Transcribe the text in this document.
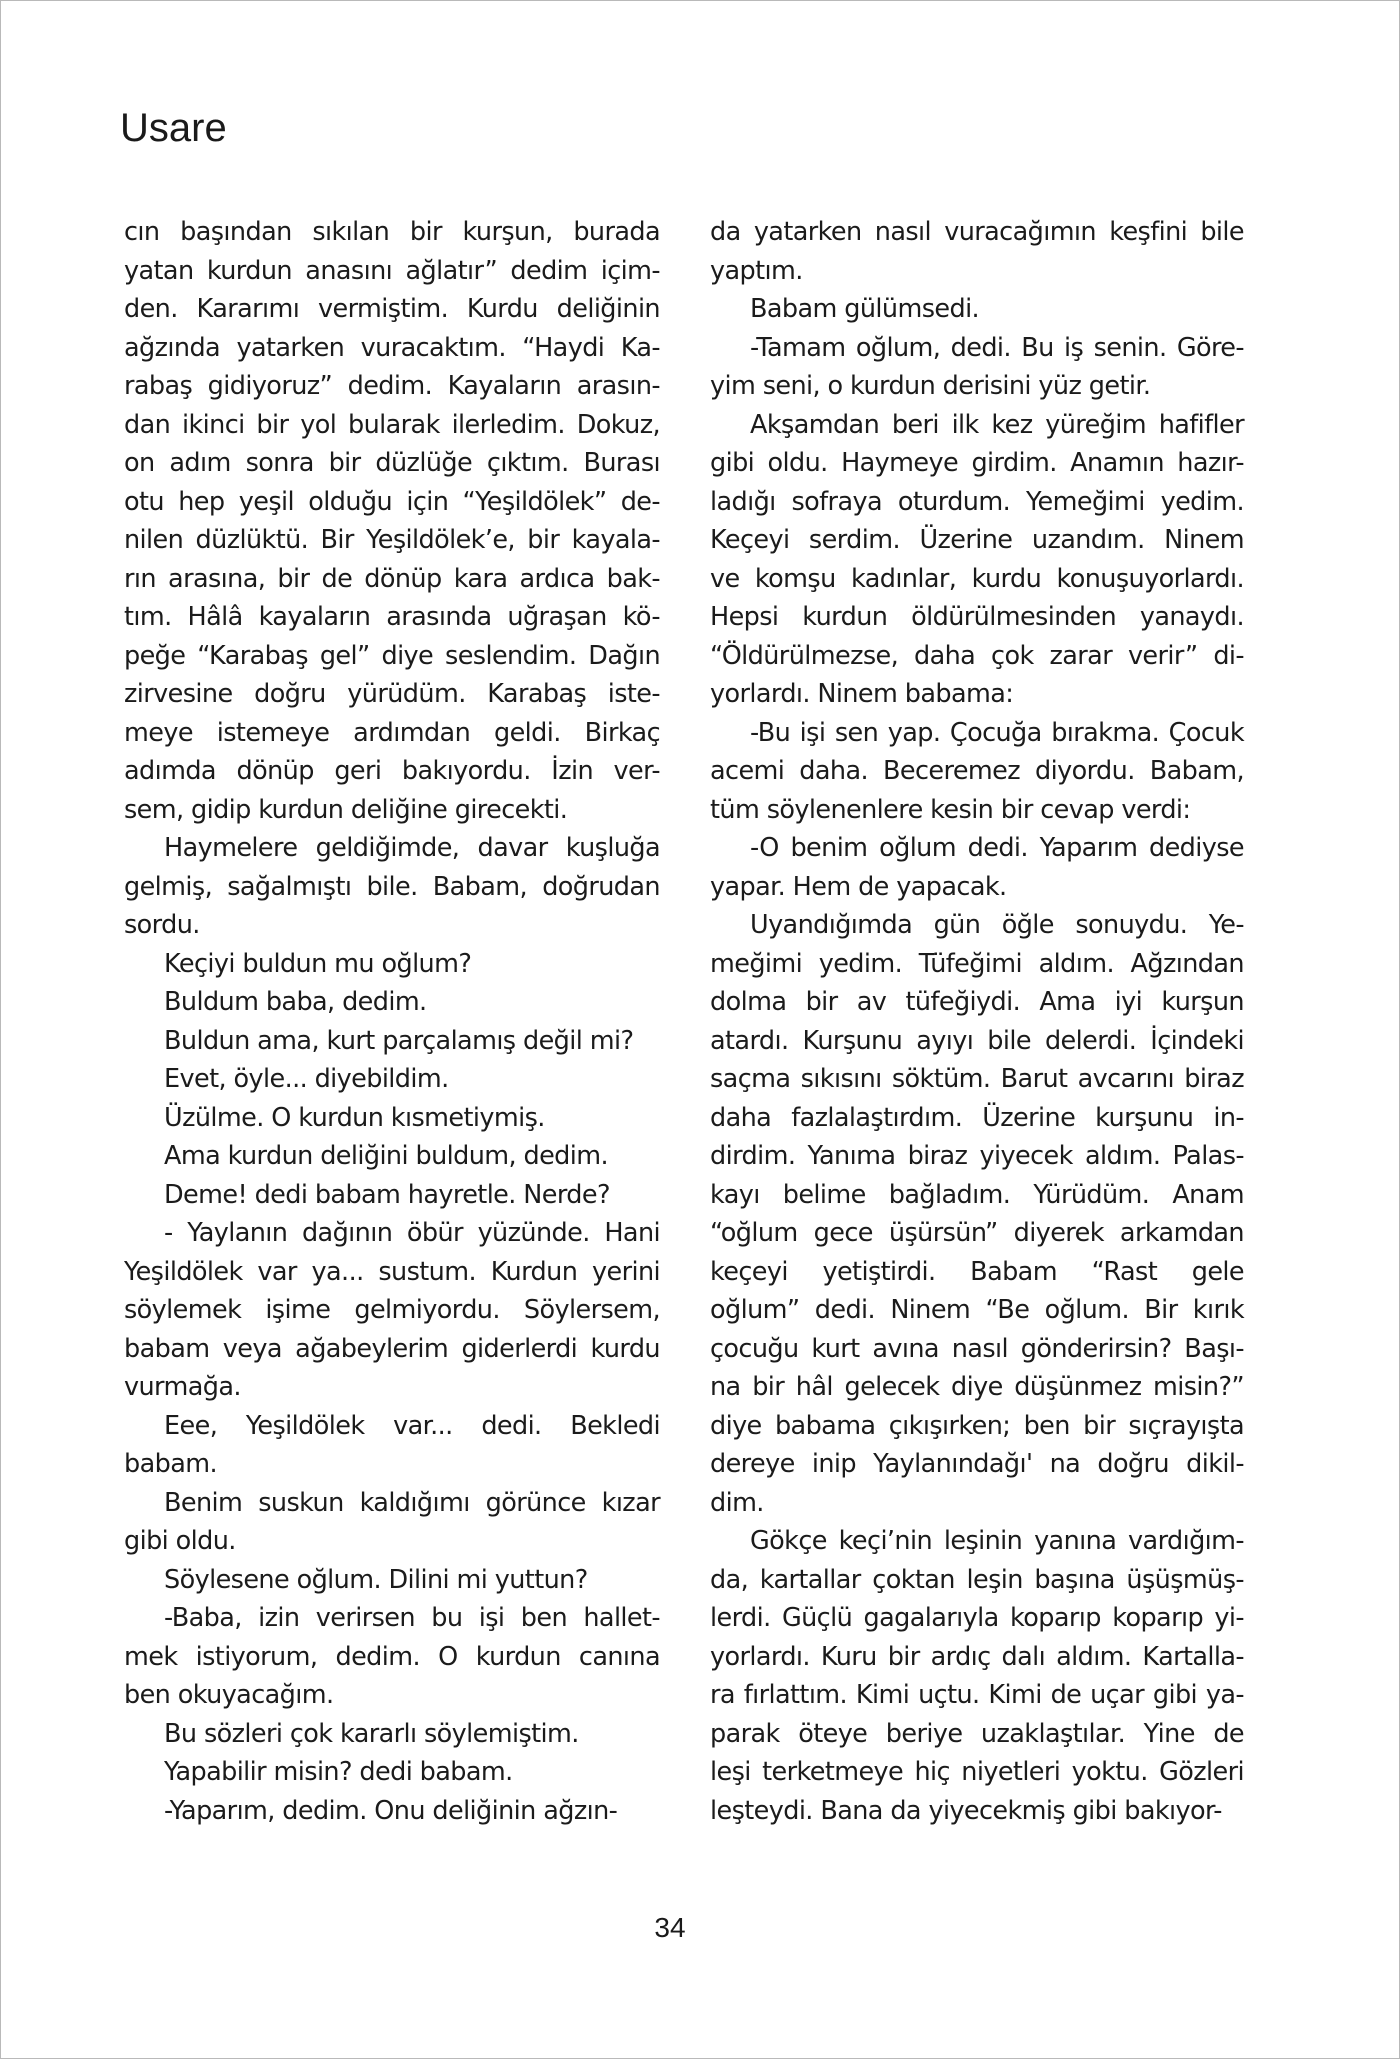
Usare
cın başından sıkılan bir kurşun, burada
yatan kurdun anasını ağlatır” dedim içim-
den. Kararımı vermiştim. Kurdu deliğinin
ağzında yatarken vuracaktım. “Haydi Ka-
rabaş gidiyoruz” dedim. Kayaların arasın-
dan ikinci bir yol bularak ilerledim. Dokuz,
on adım sonra bir düzlüğe çıktım. Burası
otu hep yeşil olduğu için “Yeşildölek” de-
nilen düzlüktü. Bir Yeşildölek’e, bir kayala-
rın arasına, bir de dönüp kara ardıca bak-
tım. Hâlâ kayaların arasında uğraşan kö-
peğe “Karabaş gel” diye seslendim. Dağın
zirvesine doğru yürüdüm. Karabaş iste-
meye istemeye ardımdan geldi. Birkaç
adımda dönüp geri bakıyordu. İzin ver-
sem, gidip kurdun deliğine girecekti.
Haymelere geldiğimde, davar kuşluğa
gelmiş, sağalmıştı bile. Babam, doğrudan
sordu.
Keçiyi buldun mu oğlum?
Buldum baba, dedim.
Buldun ama, kurt parçalamış değil mi?
Evet, öyle... diyebildim.
Üzülme. O kurdun kısmetiymiş.
Ama kurdun deliğini buldum, dedim.
Deme! dedi babam hayretle. Nerde?
- Yaylanın dağının öbür yüzünde. Hani
Yeşildölek var ya... sustum. Kurdun yerini
söylemek işime gelmiyordu. Söylersem,
babam veya ağabeylerim giderlerdi kurdu
vurmağa.
Eee, Yeşildölek var... dedi. Bekledi
babam.
Benim suskun kaldığımı görünce kızar
gibi oldu.
Söylesene oğlum. Dilini mi yuttun?
-Baba, izin verirsen bu işi ben hallet-
mek istiyorum, dedim. O kurdun canına
ben okuyacağım.
Bu sözleri çok kararlı söylemiştim.
Yapabilir misin? dedi babam.
-Yaparım, dedim. Onu deliğinin ağzın-
da yatarken nasıl vuracağımın keşfini bile
yaptım.
Babam gülümsedi.
-Tamam oğlum, dedi. Bu iş senin. Göre-
yim seni, o kurdun derisini yüz getir.
Akşamdan beri ilk kez yüreğim hafifler
gibi oldu. Haymeye girdim. Anamın hazır-
ladığı sofraya oturdum. Yemeğimi yedim.
Keçeyi serdim. Üzerine uzandım. Ninem
ve komşu kadınlar, kurdu konuşuyorlardı.
Hepsi kurdun öldürülmesinden yanaydı.
“Öldürülmezse, daha çok zarar verir” di-
yorlardı. Ninem babama:
-Bu işi sen yap. Çocuğa bırakma. Çocuk
acemi daha. Beceremez diyordu. Babam,
tüm söylenenlere kesin bir cevap verdi:
-O benim oğlum dedi. Yaparım dediyse
yapar. Hem de yapacak.
Uyandığımda gün öğle sonuydu. Ye-
meğimi yedim. Tüfeğimi aldım. Ağzından
dolma bir av tüfeğiydi. Ama iyi kurşun
atardı. Kurşunu ayıyı bile delerdi. İçindeki
saçma sıkısını söktüm. Barut avcarını biraz
daha fazlalaştırdım. Üzerine kurşunu in-
dirdim. Yanıma biraz yiyecek aldım. Palas-
kayı belime bağladım. Yürüdüm. Anam
“oğlum gece üşürsün” diyerek arkamdan
keçeyi yetiştirdi. Babam “Rast gele
oğlum” dedi. Ninem “Be oğlum. Bir kırık
çocuğu kurt avına nasıl gönderirsin? Başı-
na bir hâl gelecek diye düşünmez misin?”
diye babama çıkışırken; ben bir sıçrayışta
dereye inip Yaylanındağı' na doğru dikil-
dim.
Gökçe keçi’nin leşinin yanına vardığım-
da, kartallar çoktan leşin başına üşüşmüş-
lerdi. Güçlü gagalarıyla koparıp koparıp yi-
yorlardı. Kuru bir ardıç dalı aldım. Kartalla-
ra fırlattım. Kimi uçtu. Kimi de uçar gibi ya-
parak öteye beriye uzaklaştılar. Yine de
leşi terketmeye hiç niyetleri yoktu. Gözleri
leşteydi. Bana da yiyecekmiş gibi bakıyor-
34
